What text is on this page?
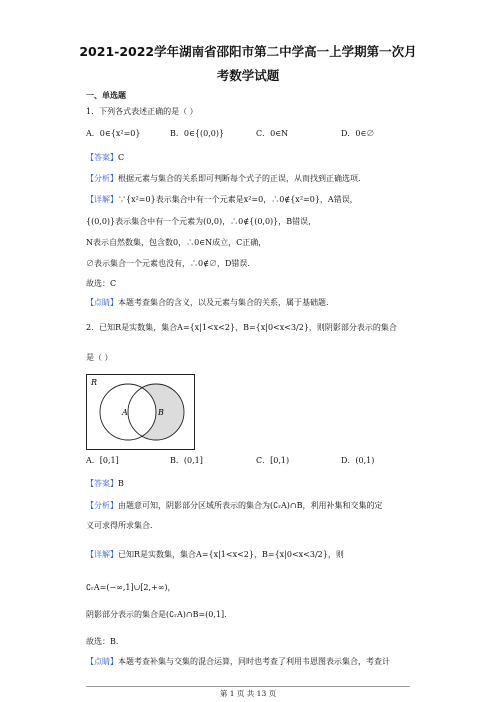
2021-2022学年湖南省邵阳市第二中学高一上学期第一次月
考数学试题
一、单选题
1．下列各式表述正确的是（ ）
A．0∈{x²=0}	B．0∈{(0,0)}	C．0∈N	D．0∈∅
【答案】C
【分析】根据元素与集合的关系即可判断每个式子的正误，从而找到正确选项.
【详解】∵{x²=0}表示集合中有一个元素是x²=0，∴0∉{x²=0}，A错误，
{(0,0)}表示集合中有一个元素为(0,0)，∴0∉{(0,0)}，B错误，
N表示自然数集，包含数0，∴0∈N成立，C正确，
∅表示集合一个元素也没有，∴0∉∅，D错误.
故选：C
【点睛】本题考查集合的含义，以及元素与集合的关系，属于基础题.
2．已知R是实数集，集合A={x|1<x<2}，B={x|0<x<3/2}，则阴影部分表示的集合
是（ ）
R
A	B
A．[0,1]	B．(0,1]	C．[0,1)	D．(0,1)
【答案】B
【分析】由题意可知，阴影部分区域所表示的集合为(∁ᵣA)∩B，利用补集和交集的定
义可求得所求集合.
【详解】已知R是实数集，集合A={x|1<x<2}，B={x|0<x<3/2}，则
∁ᵣA=(−∞,1]∪[2,+∞)，
阴影部分表示的集合是(∁ᵣA)∩B=(0,1].
故选：B.
【点睛】本题考查补集与交集的混合运算，同时也考查了利用韦恩图表示集合，考查计
第 1 页 共 13 页
